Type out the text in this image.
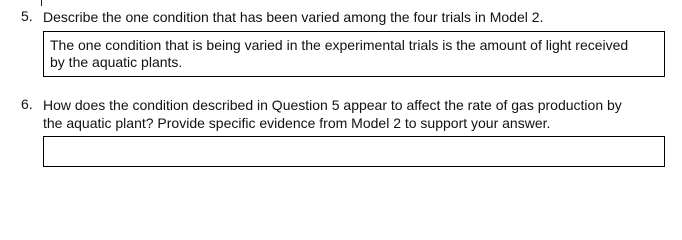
5. Describe the one condition that has been varied among the four trials in Model 2.
The one condition that is being varied in the experimental trials is the amount of light received
by the aquatic plants.
6. How does the condition described in Question 5 appear to affect the rate of gas production by
the aquatic plant? Provide specific evidence from Model 2 to support your answer.
